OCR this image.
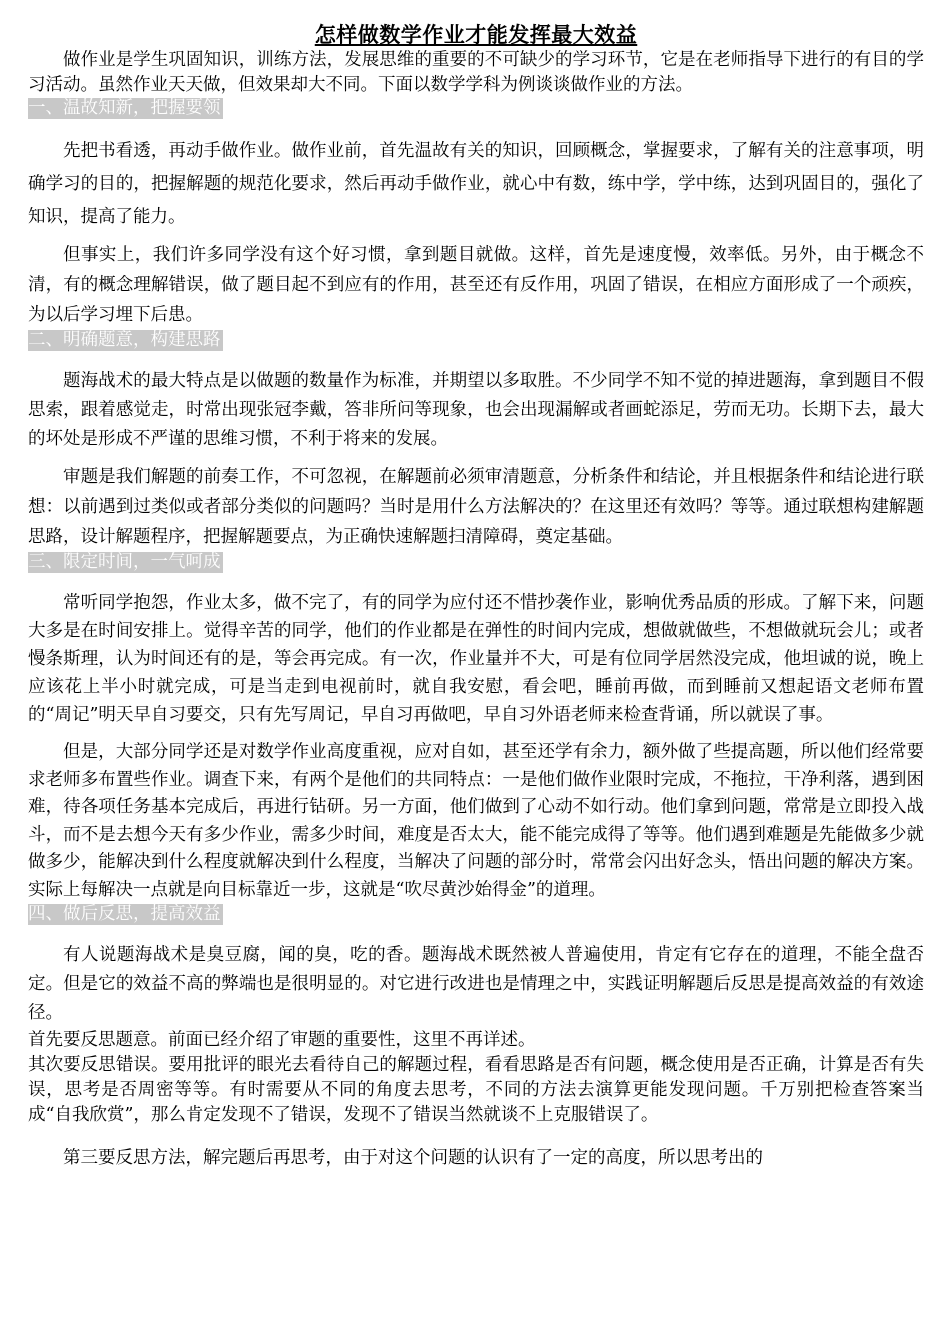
怎样做数学作业才能发挥最大效益

做作业是学生巩固知识，训练方法，发展思维的重要的不可缺少的学习环节，它是在老师指导下进行的有目的学习活动。虽然作业天天做，但效果却大不同。下面以数学学科为例谈谈做作业的方法。

一、温故知新，把握要领

先把书看透，再动手做作业。做作业前，首先温故有关的知识，回顾概念，掌握要求，了解有关的注意事项，明确学习的目的，把握解题的规范化要求，然后再动手做作业，就心中有数，练中学，学中练，达到巩固目的，强化了知识，提高了能力。

但事实上，我们许多同学没有这个好习惯，拿到题目就做。这样，首先是速度慢，效率低。另外，由于概念不清，有的概念理解错误，做了题目起不到应有的作用，甚至还有反作用，巩固了错误，在相应方面形成了一个顽疾，为以后学习埋下后患。

二、明确题意，构建思路

题海战术的最大特点是以做题的数量作为标准，并期望以多取胜。不少同学不知不觉的掉进题海，拿到题目不假思索，跟着感觉走，时常出现张冠李戴，答非所问等现象，也会出现漏解或者画蛇添足，劳而无功。长期下去，最大的坏处是形成不严谨的思维习惯，不利于将来的发展。

审题是我们解题的前奏工作，不可忽视，在解题前必须审清题意，分析条件和结论，并且根据条件和结论进行联想：以前遇到过类似或者部分类似的问题吗？当时是用什么方法解决的？在这里还有效吗？等等。通过联想构建解题思路，设计解题程序，把握解题要点，为正确快速解题扫清障碍，奠定基础。

三、限定时间，一气呵成

常听同学抱怨，作业太多，做不完了，有的同学为应付还不惜抄袭作业，影响优秀品质的形成。了解下来，问题大多是在时间安排上。觉得辛苦的同学，他们的作业都是在弹性的时间内完成，想做就做些，不想做就玩会儿；或者慢条斯理，认为时间还有的是，等会再完成。有一次，作业量并不大，可是有位同学居然没完成，他坦诚的说，晚上应该花上半小时就完成，可是当走到电视前时，就自我安慰，看会吧，睡前再做，而到睡前又想起语文老师布置的“周记”明天早自习要交，只有先写周记，早自习再做吧，早自习外语老师来检查背诵，所以就误了事。

但是，大部分同学还是对数学作业高度重视，应对自如，甚至还学有余力，额外做了些提高题，所以他们经常要求老师多布置些作业。调查下来，有两个是他们的共同特点：一是他们做作业限时完成，不拖拉，干净利落，遇到困难，待各项任务基本完成后，再进行钻研。另一方面，他们做到了心动不如行动。他们拿到问题，常常是立即投入战斗，而不是去想今天有多少作业，需多少时间，难度是否太大，能不能完成得了等等。他们遇到难题是先能做多少就做多少，能解决到什么程度就解决到什么程度，当解决了问题的部分时，常常会闪出好念头，悟出问题的解决方案。实际上每解决一点就是向目标靠近一步，这就是“吹尽黄沙始得金”的道理。

四、做后反思，提高效益

有人说题海战术是臭豆腐，闻的臭，吃的香。题海战术既然被人普遍使用，肯定有它存在的道理，不能全盘否定。但是它的效益不高的弊端也是很明显的。对它进行改进也是情理之中，实践证明解题后反思是提高效益的有效途径。

首先要反思题意。前面已经介绍了审题的重要性，这里不再详述。

其次要反思错误。要用批评的眼光去看待自己的解题过程，看看思路是否有问题，概念使用是否正确，计算是否有失误，思考是否周密等等。有时需要从不同的角度去思考，不同的方法去演算更能发现问题。千万别把检查答案当成“自我欣赏”，那么肯定发现不了错误，发现不了错误当然就谈不上克服错误了。

第三要反思方法，解完题后再思考，由于对这个问题的认识有了一定的高度，所以思考出的
